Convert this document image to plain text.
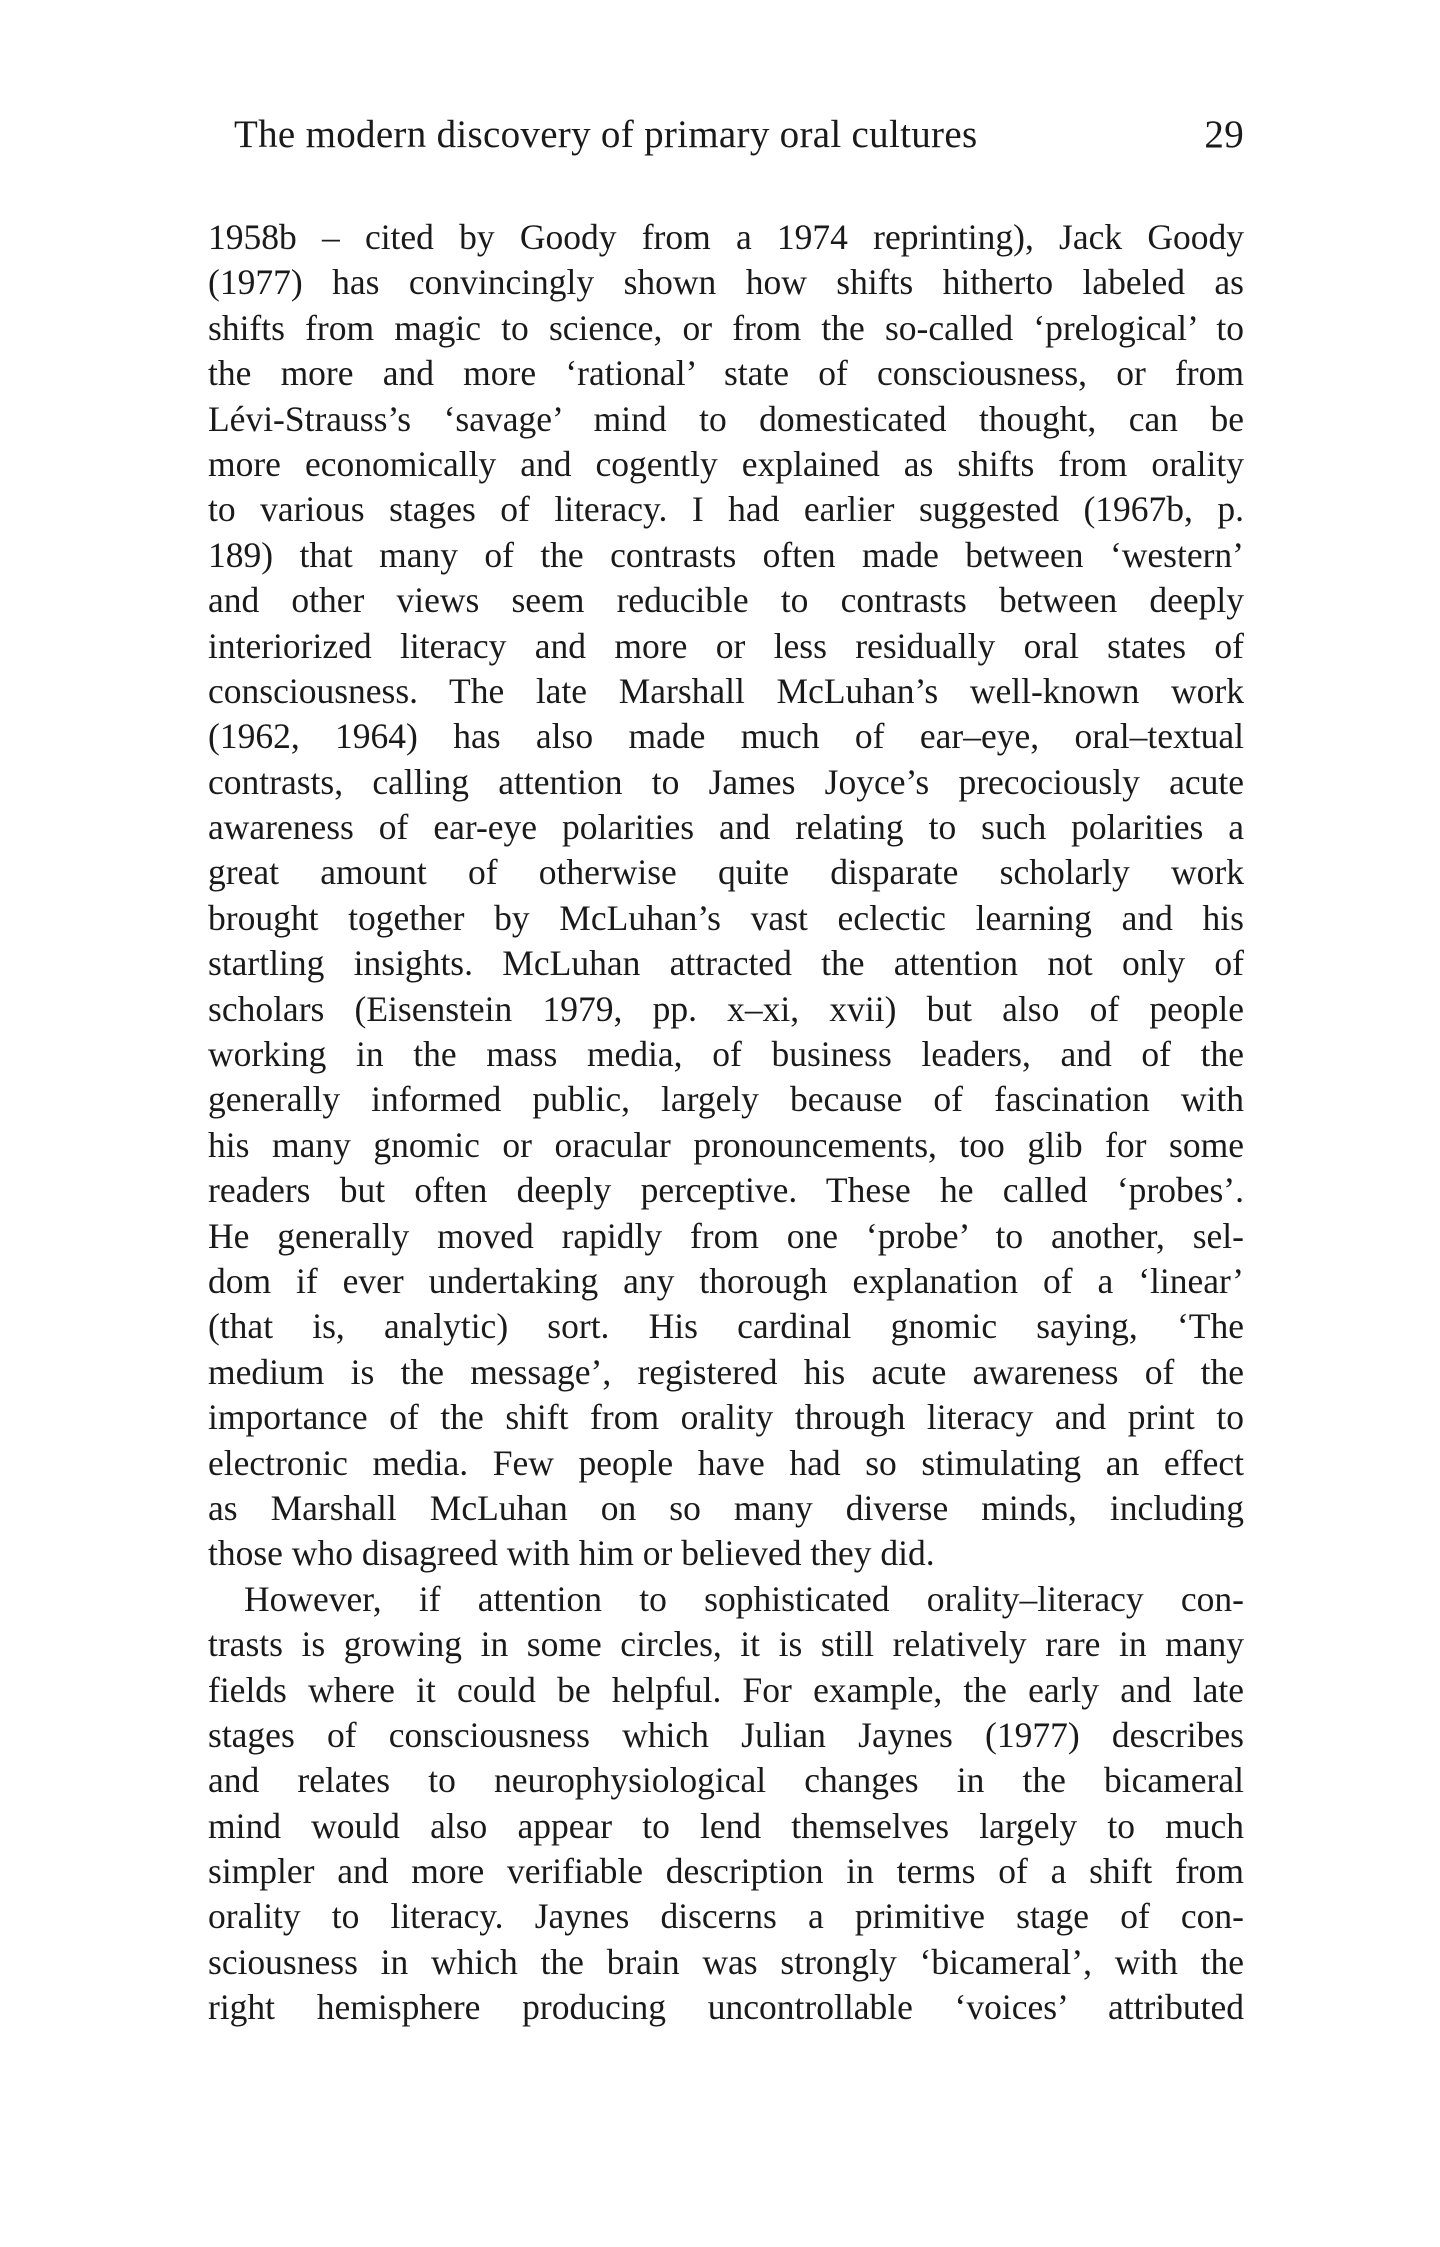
The modern discovery of primary oral cultures	29
1958b – cited by Goody from a 1974 reprinting), Jack Goody
(1977) has convincingly shown how shifts hitherto labeled as
shifts from magic to science, or from the so-called ‘prelogical’ to
the more and more ‘rational’ state of consciousness, or from
Lévi-Strauss’s ‘savage’ mind to domesticated thought, can be
more economically and cogently explained as shifts from orality
to various stages of literacy. I had earlier suggested (1967b, p.
189) that many of the contrasts often made between ‘western’
and other views seem reducible to contrasts between deeply
interiorized literacy and more or less residually oral states of
consciousness. The late Marshall McLuhan’s well-known work
(1962, 1964) has also made much of ear–eye, oral–textual
contrasts, calling attention to James Joyce’s precociously acute
awareness of ear-eye polarities and relating to such polarities a
great amount of otherwise quite disparate scholarly work
brought together by McLuhan’s vast eclectic learning and his
startling insights. McLuhan attracted the attention not only of
scholars (Eisenstein 1979, pp. x–xi, xvii) but also of people
working in the mass media, of business leaders, and of the
generally informed public, largely because of fascination with
his many gnomic or oracular pronouncements, too glib for some
readers but often deeply perceptive. These he called ‘probes’.
He generally moved rapidly from one ‘probe’ to another, sel-
dom if ever undertaking any thorough explanation of a ‘linear’
(that is, analytic) sort. His cardinal gnomic saying, ‘The
medium is the message’, registered his acute awareness of the
importance of the shift from orality through literacy and print to
electronic media. Few people have had so stimulating an effect
as Marshall McLuhan on so many diverse minds, including
those who disagreed with him or believed they did.
However, if attention to sophisticated orality–literacy con-
trasts is growing in some circles, it is still relatively rare in many
fields where it could be helpful. For example, the early and late
stages of consciousness which Julian Jaynes (1977) describes
and relates to neurophysiological changes in the bicameral
mind would also appear to lend themselves largely to much
simpler and more verifiable description in terms of a shift from
orality to literacy. Jaynes discerns a primitive stage of con-
sciousness in which the brain was strongly ‘bicameral’, with the
right hemisphere producing uncontrollable ‘voices’ attributed
